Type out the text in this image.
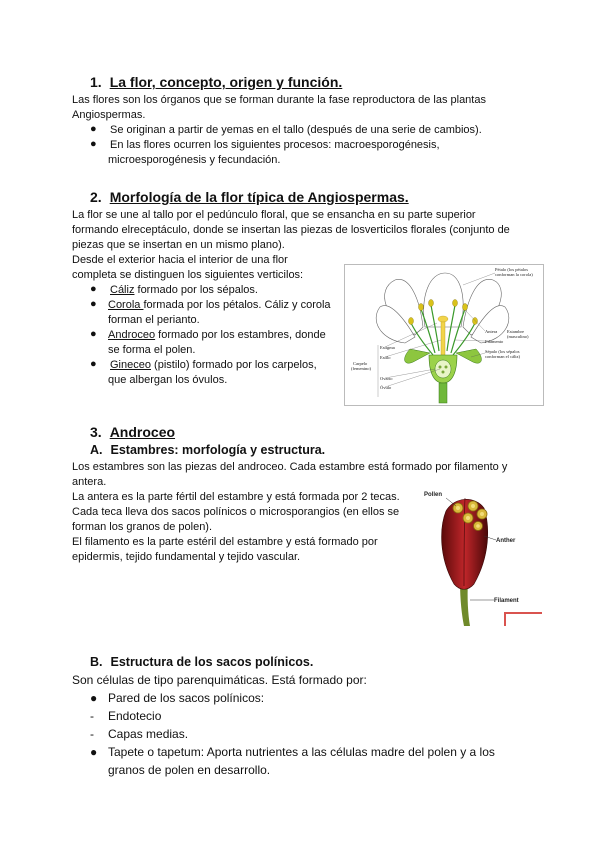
1. La flor, concepto, origen y función.
Las flores son los órganos que se forman durante la fase reproductora de las plantas
Angiospermas.
● Se originan a partir de yemas en el tallo (después de una serie de cambios).
● En las flores ocurren los siguientes procesos: macroesporogénesis,
microesporogénesis y fecundación.
2. Morfología de la flor típica de Angiospermas.
La flor se une al tallo por el pedúnculo floral, que se ensancha en su parte superior
formando elreceptáculo, donde se insertan las piezas de losverticilos florales (conjunto de
piezas que se insertan en un mismo plano).
Desde el exterior hacia el interior de una flor
completa se distinguen los siguientes verticilos:
● Cáliz formado por los sépalos.
● Corola formada por los pétalos. Cáliz y corola
forman el perianto.
● Androceo formado por los estambres, donde
se forma el polen.
● Gineceo (pistilo) formado por los carpelos,
que albergan los óvulos.
Pétalo (los pétalos
conforman la corola)
Antera Estambre
(masculino)
Filamento
Sépalo (los sépalos
conforman el cáliz)
Estigma
Estilo
Carpelo
(femenino)
Ovario
Óvulo
3. Androceo
A. Estambres: morfología y estructura.
Los estambres son las piezas del androceo. Cada estambre está formado por filamento y
antera.
La antera es la parte fértil del estambre y está formada por 2 tecas.
Cada teca lleva dos sacos polínicos o microsporangios (en ellos se
forman los granos de polen).
El filamento es la parte estéril del estambre y está formado por
epidermis, tejido fundamental y tejido vascular.
Pollen
Anther
Filament
B. Estructura de los sacos polínicos.
Son células de tipo parenquimáticas. Está formado por:
● Pared de los sacos polínicos:
- Endotecio
- Capas medias.
● Tapete o tapetum: Aporta nutrientes a las células madre del polen y a los
granos de polen en desarrollo.
